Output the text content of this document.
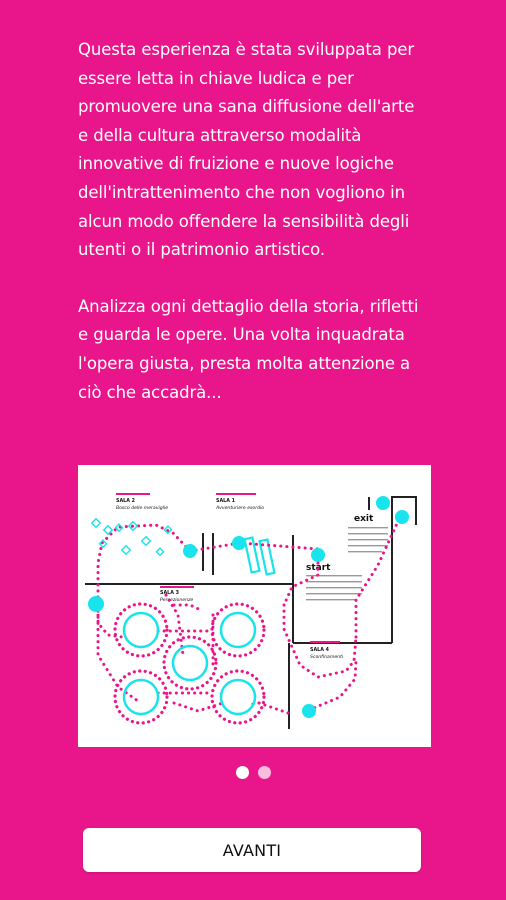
Questa esperienza è stata sviluppata per essere letta in chiave ludica e per promuovere una sana diffusione dell'arte e della cultura attraverso modalità innovative di fruizione e nuove logiche dell'intrattenimento che non vogliono in alcun modo offendere la sensibilità degli utenti o il patrimonio artistico.

Analizza ogni dettaglio della storia, rifletti e guarda le opere. Una volta inquadrata l'opera giusta, presta molta attenzione a ciò che accadrà...

start
exit
SALA 2
Bosco delle meraviglie
SALA 1
Avventuriere esordio
SALA 3
Percezionenze
SALA 4
Sconfinamenti
AVANTI
